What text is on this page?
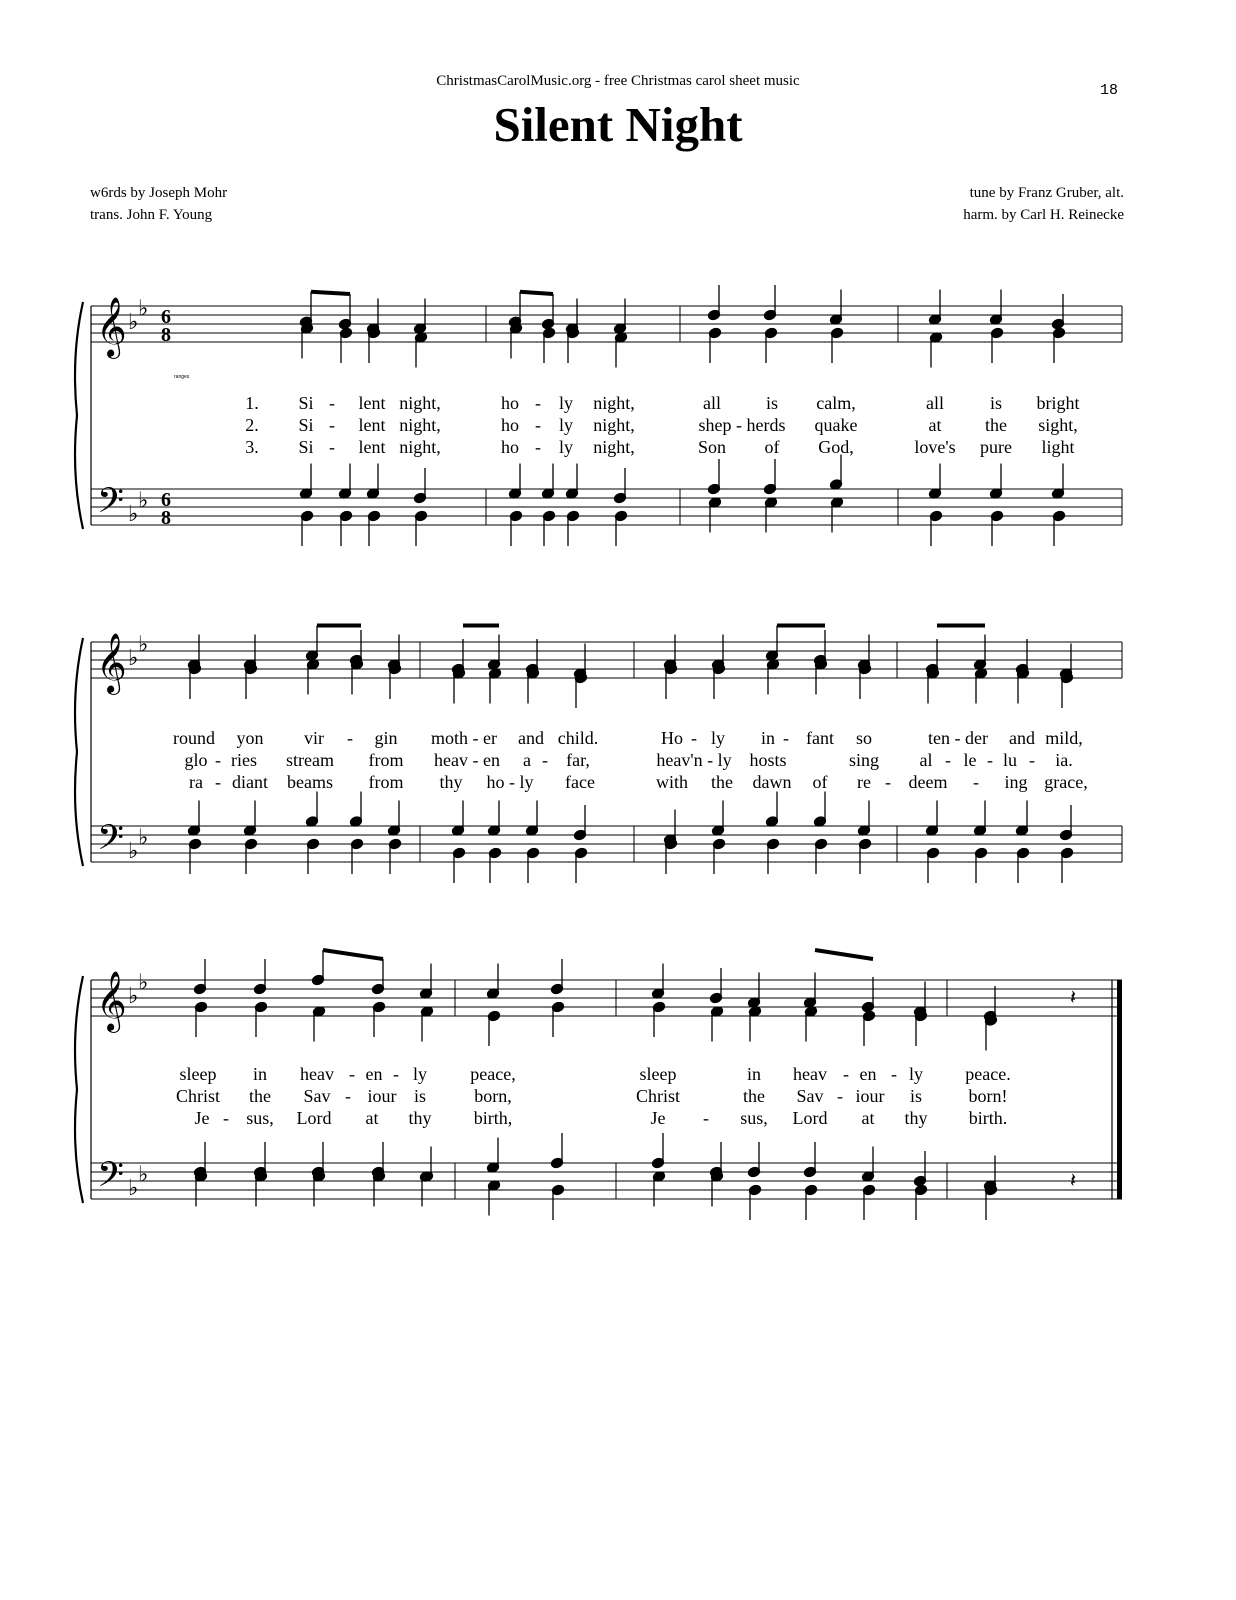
ChristmasCarolMusic.org - free Christmas carol sheet music
18
Silent Night
w6rds by Joseph Mohr
trans. John F. Young
tune by Franz Gruber, alt.
harm. by Carl H. Reinecke
𝄞
𝄢
♭
♭
♭
♭
6
8
6
8
1. Si - lent night,	ho - ly night,	all is calm,	all	is bright
2. Si - lent night,	ho - ly night,	shep - herds quake	at the sight,
3. Si - lent night,	ho - ly night,	Son of God,	love's pure light
𝄞
𝄢
♭
♭
♭
♭
round yon vir - gin moth - er and child.	Ho - ly in - fant so	ten - der and mild,
glo - ries stream from heav - en a - far,	heav'n - ly hosts	sing al - le - lu - ia.
ra - diant beams from thy ho - ly face	with the dawn of re - deem - ing grace,
𝄞
𝄢
♭
♭
♭
♭
sleep in heav - en - ly peace,	sleep	in heav - en - ly peace.
Christ the Sav - iour is	born,	Christ	the Sav - iour is	born!
Je - sus, Lord at thy birth,	Je - sus, Lord at thy birth.
ranges
𝄽
𝄽
